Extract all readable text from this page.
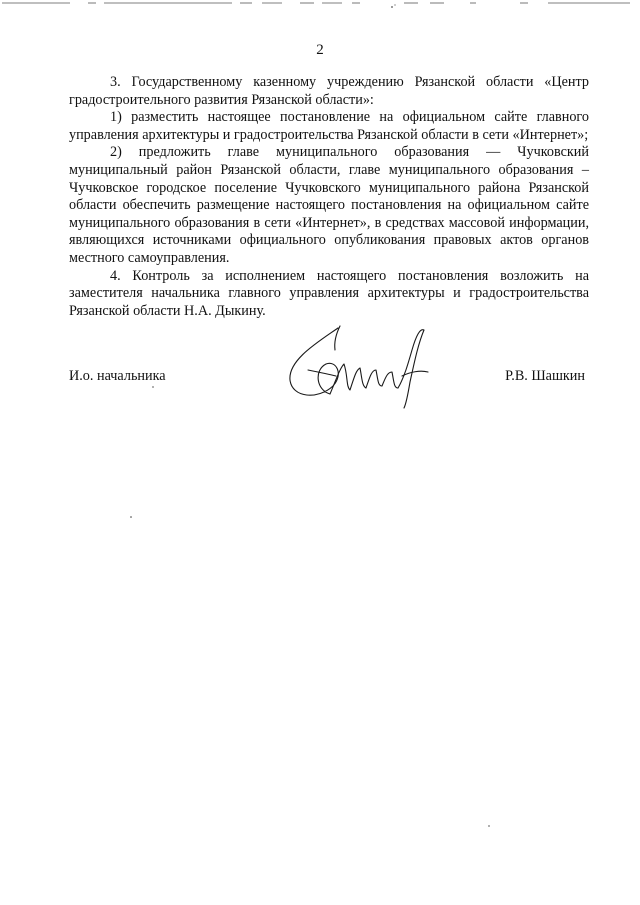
2

3. Государственному казенному учреждению Рязанской области «Центр градостроительного развития Рязанской области»:

1) разместить настоящее постановление на официальном сайте главного управления архитектуры и градостроительства Рязанской области в сети «Интернет»;

2) предложить главе муниципального образования — Чучковский муниципальный район Рязанской области, главе муниципального образования – Чучковское городское поселение Чучковского муниципального района Рязанской области обеспечить размещение настоящего постановления на официальном сайте муниципального образования в сети «Интернет», в средствах массовой информации, являющихся источниками официального опубликования правовых актов органов местного самоуправления.

4. Контроль за исполнением настоящего постановления возложить на заместителя начальника главного управления архитектуры и градостроительства Рязанской области Н.А. Дыкину.

И.о. начальника	Р.В. Шашкин
